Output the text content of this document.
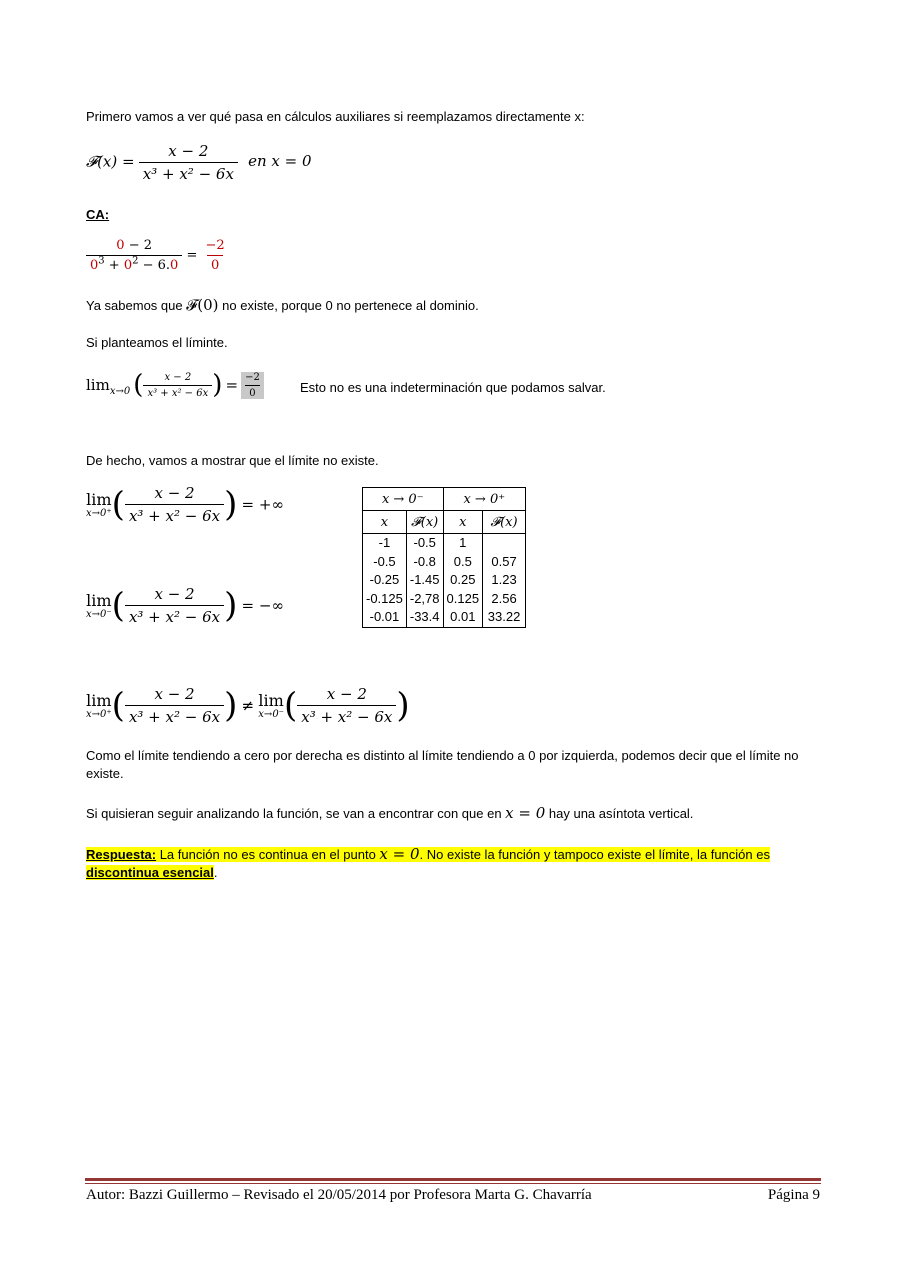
Primero vamos a ver qué pasa en cálculos auxiliares si reemplazamos directamente x:
𝓕(x) = $\frac{x - 2}{\text{x³ + x² − 6x}}$ en x = 0
CA:
$\frac{0 - 2}{0^3 + 0^2 - 6.0} = \frac{-2}{0}$
Ya sabemos que 𝓕(0) no existe, porque 0 no pertenece al dominio.
Si planteamos el líminte.
limx→0 ( $\frac{x - 2}{\text{x³ + x² − 6x}}$ ) = $\frac{-2}{0}$	Esto no es una indeterminación que podamos salvar.
De hecho, vamos a mostrar que el límite no existe.
lim
x→0⁺ ( $\frac{x - 2}{\text{x³ + x² − 6x}}$ ) = +∞
lim
x→0⁻ ( $\frac{x - 2}{\text{x³ + x² − 6x}}$ ) = −∞
x → 0⁻		x → 0⁺	
x	𝓕(x)	x	𝓕(x)
-1	-0.5	1	
-0.5	-0.8	0.5	0.57
-0.25	-1.45	0.25	1.23
-0.125	-2,78	0.125	2.56
-0.01	-33.4	0.01	33.22
lim
x→0⁺ ( $\frac{x - 2}{\text{x³ + x² − 6x}}$ ) ≠ lim
x→0⁻ ( $\frac{x - 2}{\text{x³ + x² − 6x}}$ )
Como el límite tendiendo a cero por derecha es distinto al límite tendiendo a 0 por izquierda, podemos decir que el límite no existe.
Si quisieran seguir analizando la función, se van a encontrar con que en x = 0 hay una asíntota vertical.
Respuesta: La función no es continua en el punto x = 0. No existe la función y tampoco existe el límite, la función es discontinua esencial.
Autor: Bazzi Guillermo – Revisado el 20/05/2014 por Profesora Marta G. Chavarría	Página 9
